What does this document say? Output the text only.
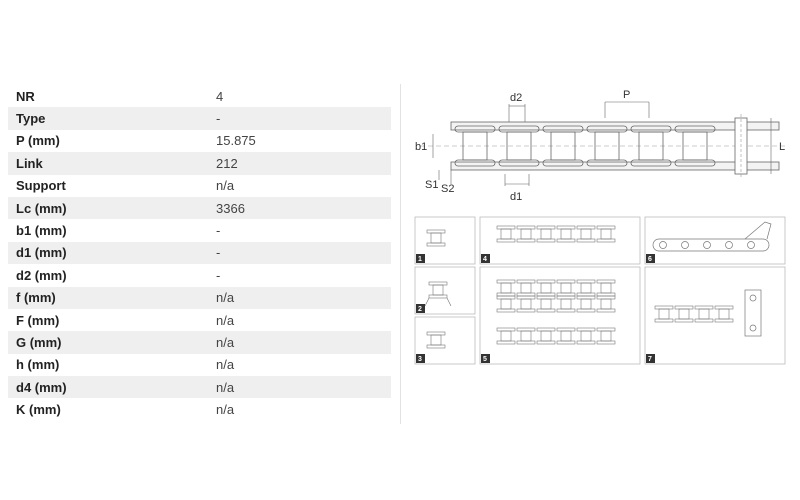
NR	4
Type	-
P (mm)	15.875
Link	212
Support	n/a
Lc (mm)	3366
b1 (mm)	-
d1 (mm)	-
d2 (mm)	-
f (mm)	n/a
F (mm)	n/a
G (mm)	n/a
h (mm)	n/a
d4 (mm)	n/a
K (mm)	n/a
d2	P
b1	L
S1 S2
d1
1
2
3
4
5
6
7
